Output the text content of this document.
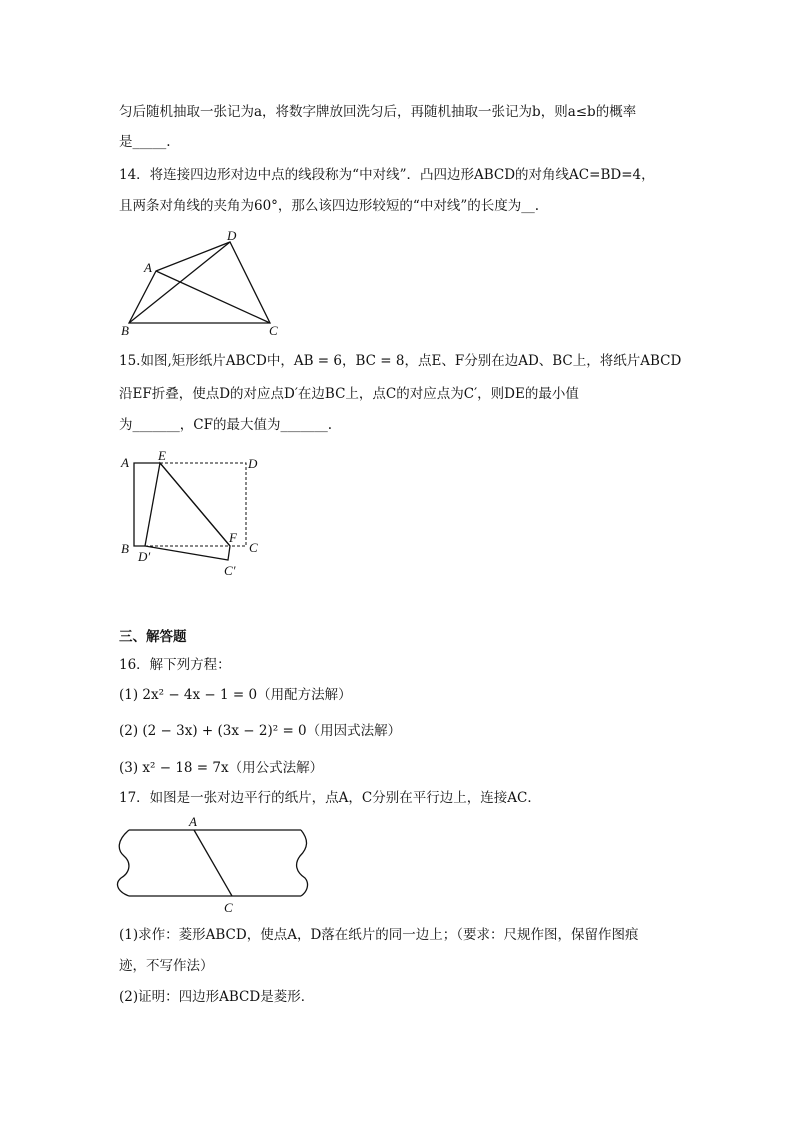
匀后随机抽取一张记为a，将数字牌放回洗匀后，再随机抽取一张记为b，则a≤b的概率
是_____.
14．将连接四边形对边中点的线段称为“中对线”．凸四边形ABCD的对角线AC=BD=4，
且两条对角线的夹角为60°，那么该四边形较短的“中对线”的长度为__.
A
D
B	C
15.如图,矩形纸片ABCD中，AB = 6，BC = 8，点E、F分别在边AD、BC上，将纸片ABCD
沿EF折叠，使点D的对应点D′在边BC上，点C的对应点为C′，则DE的最小值
为_______，CF的最大值为_______.
A E
D
B
D′
F
C
C′
三、解答题
16．解下列方程：
(1) 2x² − 4x − 1 = 0（用配方法解）
(2) (2 − 3x) + (3x − 2)² = 0（用因式法解）
(3) x² − 18 = 7x（用公式法解）
17．如图是一张对边平行的纸片，点A，C分别在平行边上，连接AC．
A
C
(1)求作：菱形ABCD，使点A，D落在纸片的同一边上；（要求：尺规作图，保留作图痕
迹，不写作法）
(2)证明：四边形ABCD是菱形．
